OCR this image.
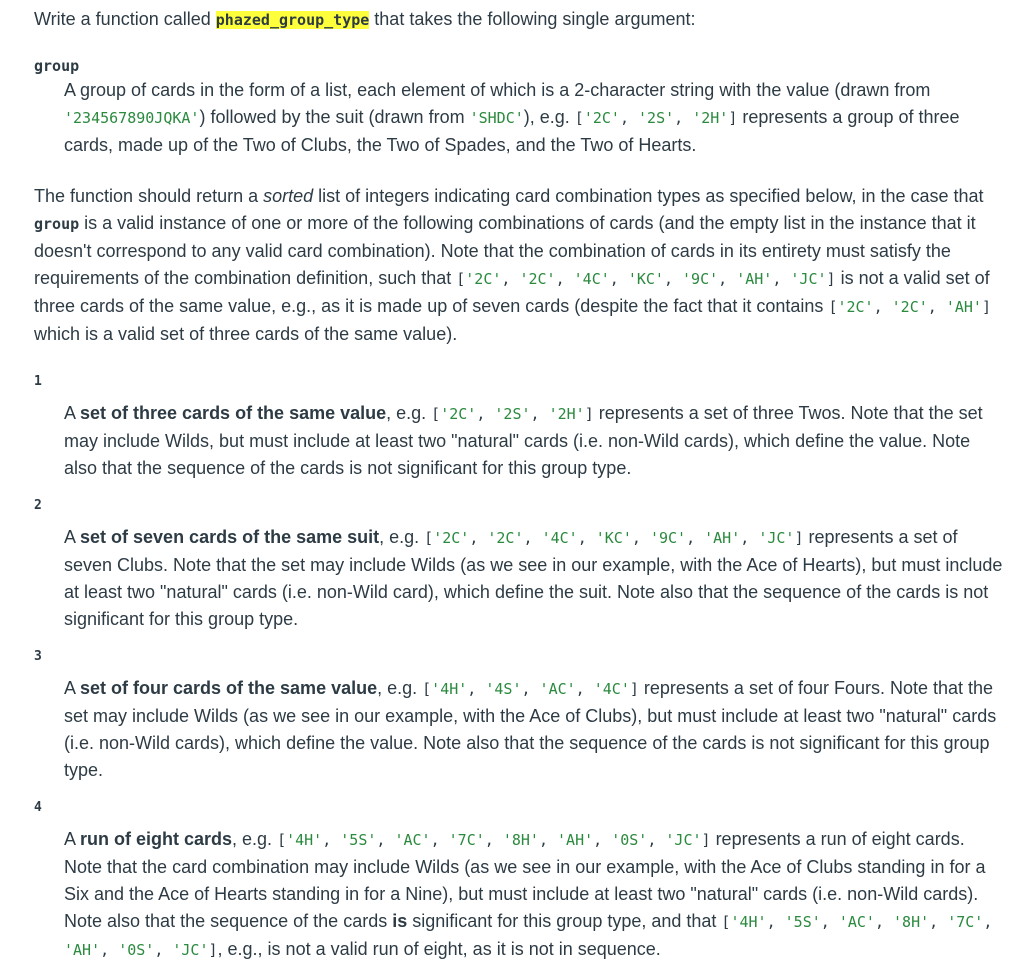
Write a function called phazed_group_type that takes the following single argument:

group

A group of cards in the form of a list, each element of which is a 2-character string with the value (drawn from '234567890JQKA') followed by the suit (drawn from 'SHDC'), e.g. ['2C', '2S', '2H'] represents a group of three cards, made up of the Two of Clubs, the Two of Spades, and the Two of Hearts.

The function should return a sorted list of integers indicating card combination types as specified below, in the case that group is a valid instance of one or more of the following combinations of cards (and the empty list in the instance that it doesn't correspond to any valid card combination). Note that the combination of cards in its entirety must satisfy the requirements of the combination definition, such that ['2C', '2C', '4C', 'KC', '9C', 'AH', 'JC'] is not a valid set of three cards of the same value, e.g., as it is made up of seven cards (despite the fact that it contains ['2C', '2C', 'AH'] which is a valid set of three cards of the same value).

1

A set of three cards of the same value, e.g. ['2C', '2S', '2H'] represents a set of three Twos. Note that the set may include Wilds, but must include at least two "natural" cards (i.e. non-Wild cards), which define the value. Note also that the sequence of the cards is not significant for this group type.

2

A set of seven cards of the same suit, e.g. ['2C', '2C', '4C', 'KC', '9C', 'AH', 'JC'] represents a set of seven Clubs. Note that the set may include Wilds (as we see in our example, with the Ace of Hearts), but must include at least two "natural" cards (i.e. non-Wild card), which define the suit. Note also that the sequence of the cards is not significant for this group type.

3

A set of four cards of the same value, e.g. ['4H', '4S', 'AC', '4C'] represents a set of four Fours. Note that the set may include Wilds (as we see in our example, with the Ace of Clubs), but must include at least two "natural" cards (i.e. non-Wild cards), which define the value. Note also that the sequence of the cards is not significant for this group type.

4

A run of eight cards, e.g. ['4H', '5S', 'AC', '7C', '8H', 'AH', '0S', 'JC'] represents a run of eight cards. Note that the card combination may include Wilds (as we see in our example, with the Ace of Clubs standing in for a Six and the Ace of Hearts standing in for a Nine), but must include at least two "natural" cards (i.e. non-Wild cards). Note also that the sequence of the cards is significant for this group type, and that ['4H', '5S', 'AC', '8H', '7C', 'AH', '0S', 'JC'], e.g., is not a valid run of eight, as it is not in sequence.
